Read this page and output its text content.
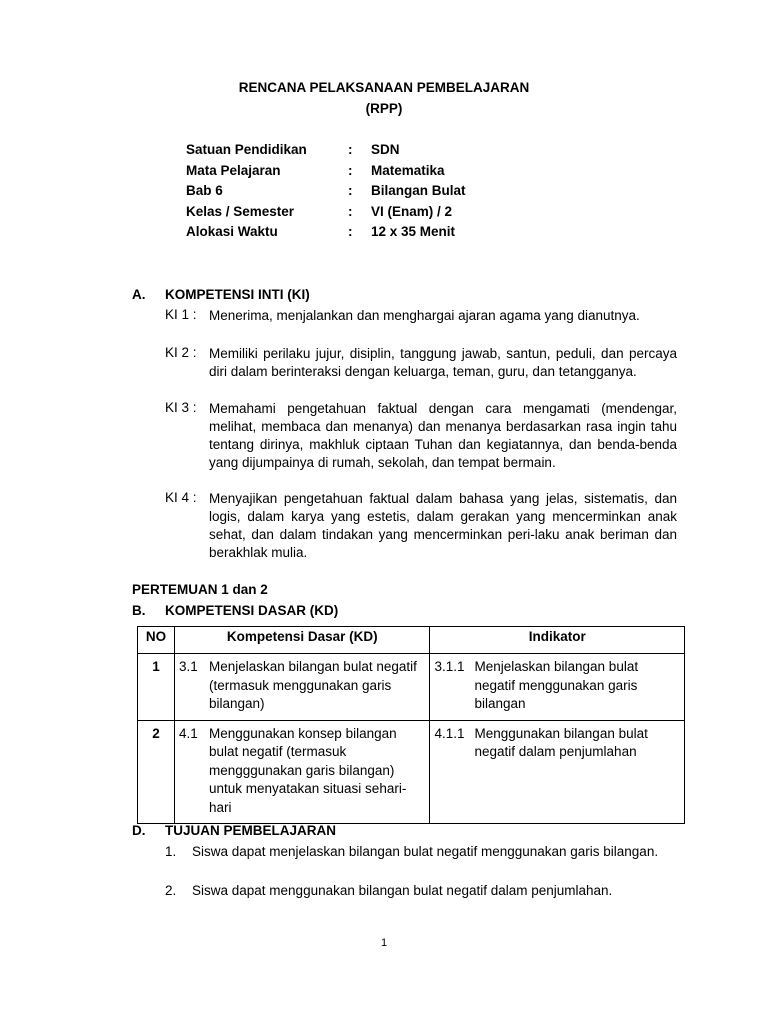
RENCANA PELAKSANAAN PEMBELAJARAN
(RPP)
Satuan Pendidikan	: SDN
Mata Pelajaran	: Matematika
Bab 6	: Bilangan Bulat
Kelas / Semester	: VI (Enam) / 2
Alokasi Waktu	: 12 x 35 Menit
A. KOMPETENSI INTI (KI)
KI 1 : Menerima, menjalankan dan menghargai ajaran agama yang dianutnya.
KI 2 : Memiliki perilaku jujur, disiplin, tanggung jawab, santun, peduli, dan percaya diri dalam berinteraksi dengan keluarga, teman, guru, dan tetangganya.
KI 3 : Memahami pengetahuan faktual dengan cara mengamati (mendengar, melihat, membaca dan menanya) dan menanya berdasarkan rasa ingin tahu tentang dirinya, makhluk ciptaan Tuhan dan kegiatannya, dan benda-benda yang dijumpainya di rumah, sekolah, dan tempat bermain.
KI 4 : Menyajikan pengetahuan faktual dalam bahasa yang jelas, sistematis, dan logis, dalam karya yang estetis, dalam gerakan yang mencerminkan anak sehat, dan dalam tindakan yang mencerminkan peri-laku anak beriman dan berakhlak mulia.
PERTEMUAN 1 dan 2
B. KOMPETENSI DASAR (KD)
NO	Kompetensi Dasar (KD)	Indikator
1	3.1 Menjelaskan bilangan bulat negatif (termasuk menggunakan garis bilangan)	3.1.1 Menjelaskan bilangan bulat negatif menggunakan garis bilangan

2	4.1 Menggunakan konsep bilangan bulat negatif (termasuk mengggunakan garis bilangan) untuk menyatakan situasi sehari-hari	4.1.1 Menggunakan bilangan bulat negatif dalam penjumlahan
D. TUJUAN PEMBELAJARAN
1.	Siswa dapat menjelaskan bilangan bulat negatif menggunakan garis bilangan.
2.	Siswa dapat menggunakan bilangan bulat negatif dalam penjumlahan.
1
